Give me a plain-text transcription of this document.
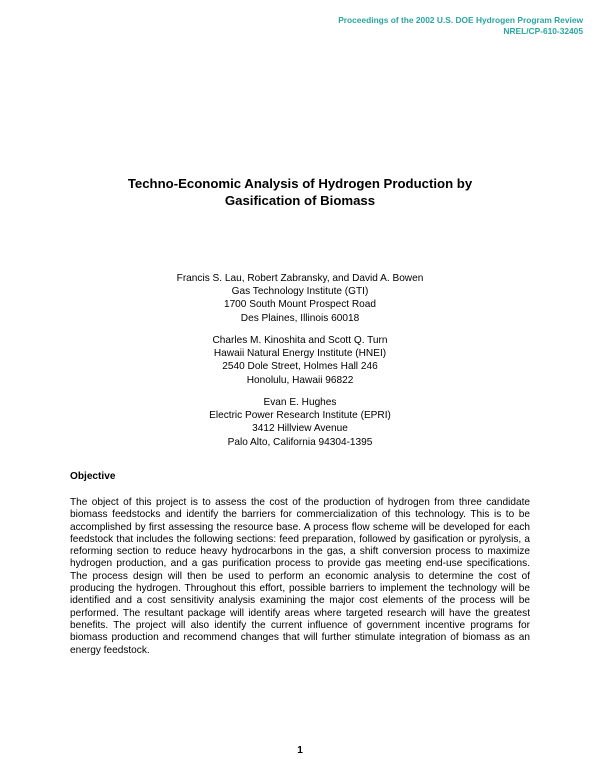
Proceedings of the 2002 U.S. DOE Hydrogen Program Review
NREL/CP-610-32405
Techno-Economic Analysis of Hydrogen Production by
Gasification of Biomass
Francis S. Lau, Robert Zabransky, and David A. Bowen
Gas Technology Institute (GTI)
1700 South Mount Prospect Road
Des Plaines, Illinois 60018
Charles M. Kinoshita and Scott Q. Turn
Hawaii Natural Energy Institute (HNEI)
2540 Dole Street, Holmes Hall 246
Honolulu, Hawaii 96822
Evan E. Hughes
Electric Power Research Institute (EPRI)
3412 Hillview Avenue
Palo Alto, California 94304-1395
Objective

The object of this project is to assess the cost of the production of hydrogen from three candidate biomass feedstocks and identify the barriers for commercialization of this technology. This is to be accomplished by first assessing the resource base. A process flow scheme will be developed for each feedstock that includes the following sections: feed preparation, followed by gasification or pyrolysis, a reforming section to reduce heavy hydrocarbons in the gas, a shift conversion process to maximize hydrogen production, and a gas purification process to provide gas meeting end-use specifications. The process design will then be used to perform an economic analysis to determine the cost of producing the hydrogen. Throughout this effort, possible barriers to implement the technology will be identified and a cost sensitivity analysis examining the major cost elements of the process will be performed. The resultant package will identify areas where targeted research will have the greatest benefits. The project will also identify the current influence of government incentive programs for biomass production and recommend changes that will further stimulate integration of biomass as an energy feedstock.

1
